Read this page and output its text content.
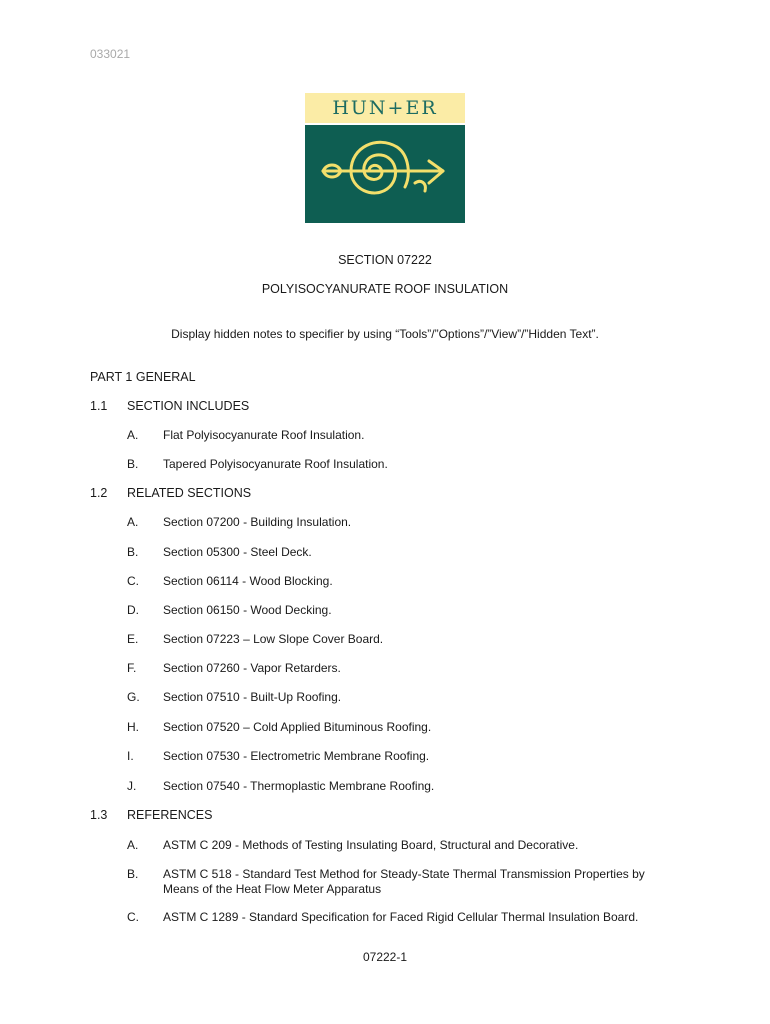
033021
HUN+ER
SECTION 07222
POLYISOCYANURATE ROOF INSULATION
Display hidden notes to specifier by using “Tools”/”Options”/”View”/”Hidden Text”.
PART 1 GENERAL
1.1 SECTION INCLUDES
A. Flat Polyisocyanurate Roof Insulation.
B. Tapered Polyisocyanurate Roof Insulation.
1.2 RELATED SECTIONS
A. Section 07200 - Building Insulation.
B. Section 05300 - Steel Deck.
C. Section 06114 - Wood Blocking.
D. Section 06150 - Wood Decking.
E. Section 07223 – Low Slope Cover Board.
F. Section 07260 - Vapor Retarders.
G. Section 07510 - Built-Up Roofing.
H. Section 07520 – Cold Applied Bituminous Roofing.
I. Section 07530 - Electrometric Membrane Roofing.
J. Section 07540 - Thermoplastic Membrane Roofing.
1.3 REFERENCES
A. ASTM C 209 - Methods of Testing Insulating Board, Structural and Decorative.
B. ASTM C 518 - Standard Test Method for Steady-State Thermal Transmission Properties by Means of the Heat Flow Meter Apparatus
C. ASTM C 1289 - Standard Specification for Faced Rigid Cellular Thermal Insulation Board.
07222-1
